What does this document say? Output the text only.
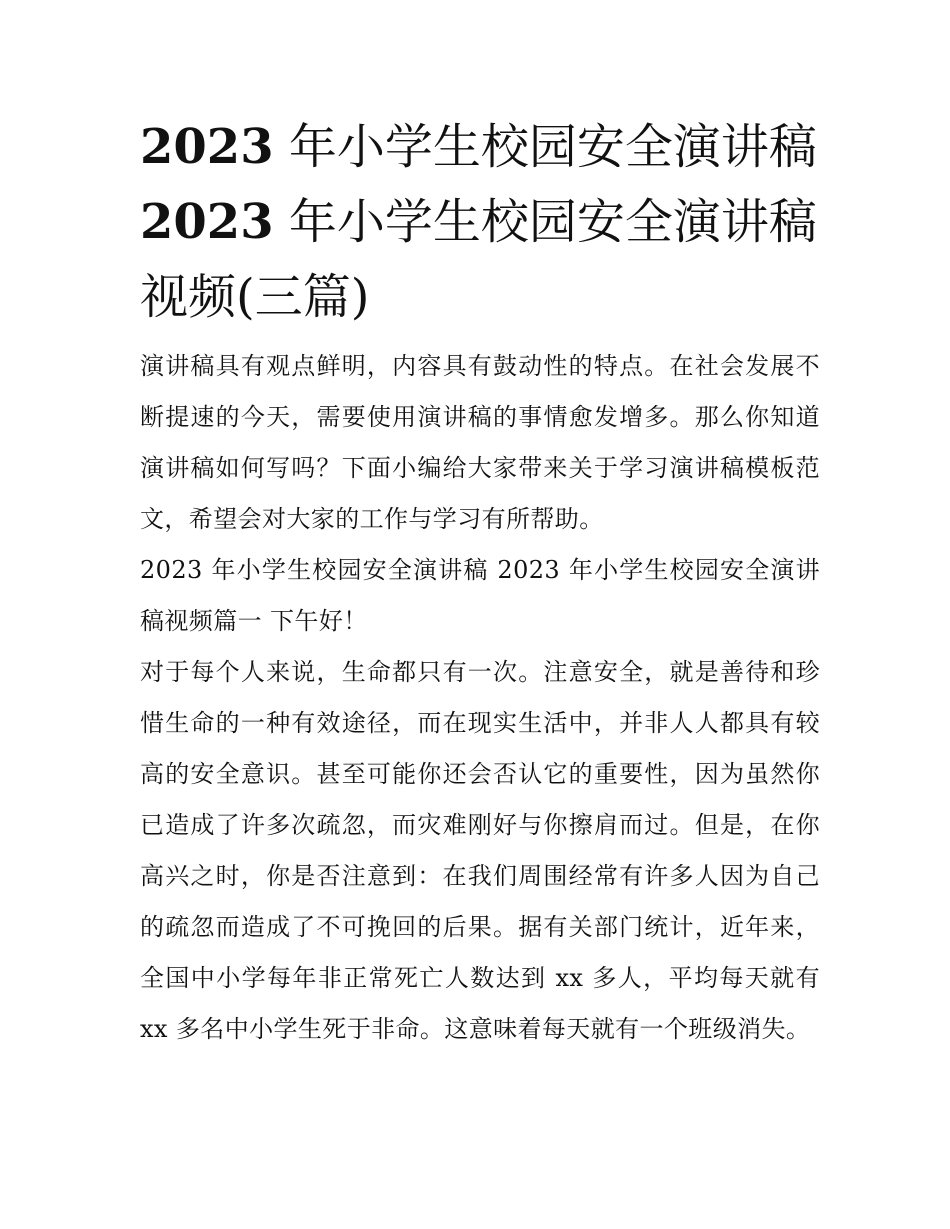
2023 年小学生校园安全演讲稿
2023 年小学生校园安全演讲稿视频(三篇)

演讲稿具有观点鲜明，内容具有鼓动性的特点。在社会发展不断提速的今天，需要使用演讲稿的事情愈发增多。那么你知道演讲稿如何写吗？下面小编给大家带来关于学习演讲稿模板范文，希望会对大家的工作与学习有所帮助。

2023 年小学生校园安全演讲稿 2023 年小学生校园安全演讲稿视频篇一 下午好！

对于每个人来说，生命都只有一次。注意安全，就是善待和珍惜生命的一种有效途径，而在现实生活中，并非人人都具有较高的安全意识。甚至可能你还会否认它的重要性，因为虽然你已造成了许多次疏忽，而灾难刚好与你擦肩而过。但是，在你高兴之时，你是否注意到：在我们周围经常有许多人因为自己的疏忽而造成了不可挽回的后果。据有关部门统计，近年来，全国中小学每年非正常死亡人数达到 xx 多人，平均每天就有 xx 多名中小学生死于非命。这意味着每天就有一个班级消失。
